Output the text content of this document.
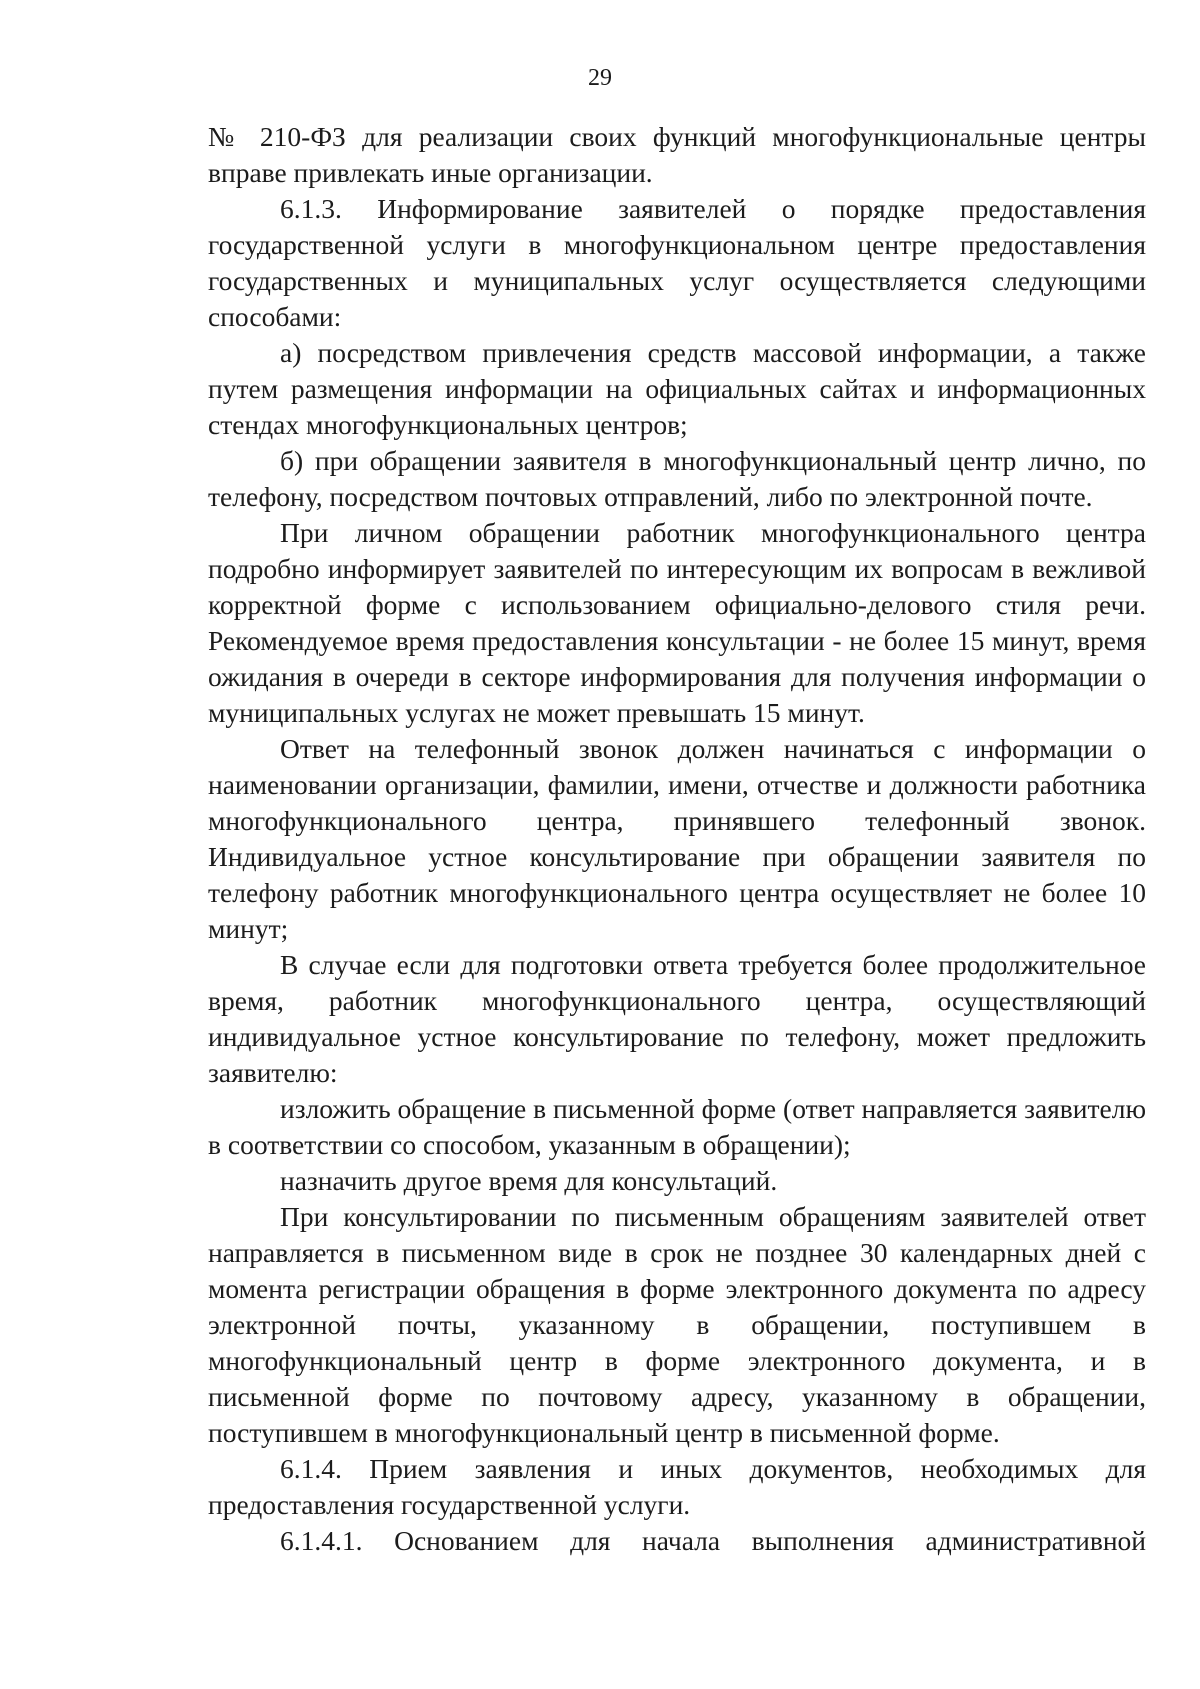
29

№ 210-ФЗ для реализации своих функций многофункциональные центры вправе привлекать иные организации.

6.1.3. Информирование заявителей о порядке предоставления государственной услуги в многофункциональном центре предоставления государственных и муниципальных услуг осуществляется следующими способами:

а) посредством привлечения средств массовой информации, а также путем размещения информации на официальных сайтах и информационных стендах многофункциональных центров;

б) при обращении заявителя в многофункциональный центр лично, по телефону, посредством почтовых отправлений, либо по электронной почте.

При личном обращении работник многофункционального центра подробно информирует заявителей по интересующим их вопросам в вежливой корректной форме с использованием официально-делового стиля речи. Рекомендуемое время предоставления консультации - не более 15 минут, время ожидания в очереди в секторе информирования для получения информации о муниципальных услугах не может превышать 15 минут.

Ответ на телефонный звонок должен начинаться с информации о наименовании организации, фамилии, имени, отчестве и должности работника многофункционального центра, принявшего телефонный звонок. Индивидуальное устное консультирование при обращении заявителя по телефону работник многофункционального центра осуществляет не более 10 минут;

В случае если для подготовки ответа требуется более продолжительное время, работник многофункционального центра, осуществляющий индивидуальное устное консультирование по телефону, может предложить заявителю:

изложить обращение в письменной форме (ответ направляется заявителю в соответствии со способом, указанным в обращении);

назначить другое время для консультаций.

При консультировании по письменным обращениям заявителей ответ направляется в письменном виде в срок не позднее 30 календарных дней с момента регистрации обращения в форме электронного документа по адресу электронной почты, указанному в обращении, поступившем в многофункциональный центр в форме электронного документа, и в письменной форме по почтовому адресу, указанному в обращении, поступившем в многофункциональный центр в письменной форме.

6.1.4. Прием заявления и иных документов, необходимых для предоставления государственной услуги.

6.1.4.1. Основанием для начала выполнения административной
